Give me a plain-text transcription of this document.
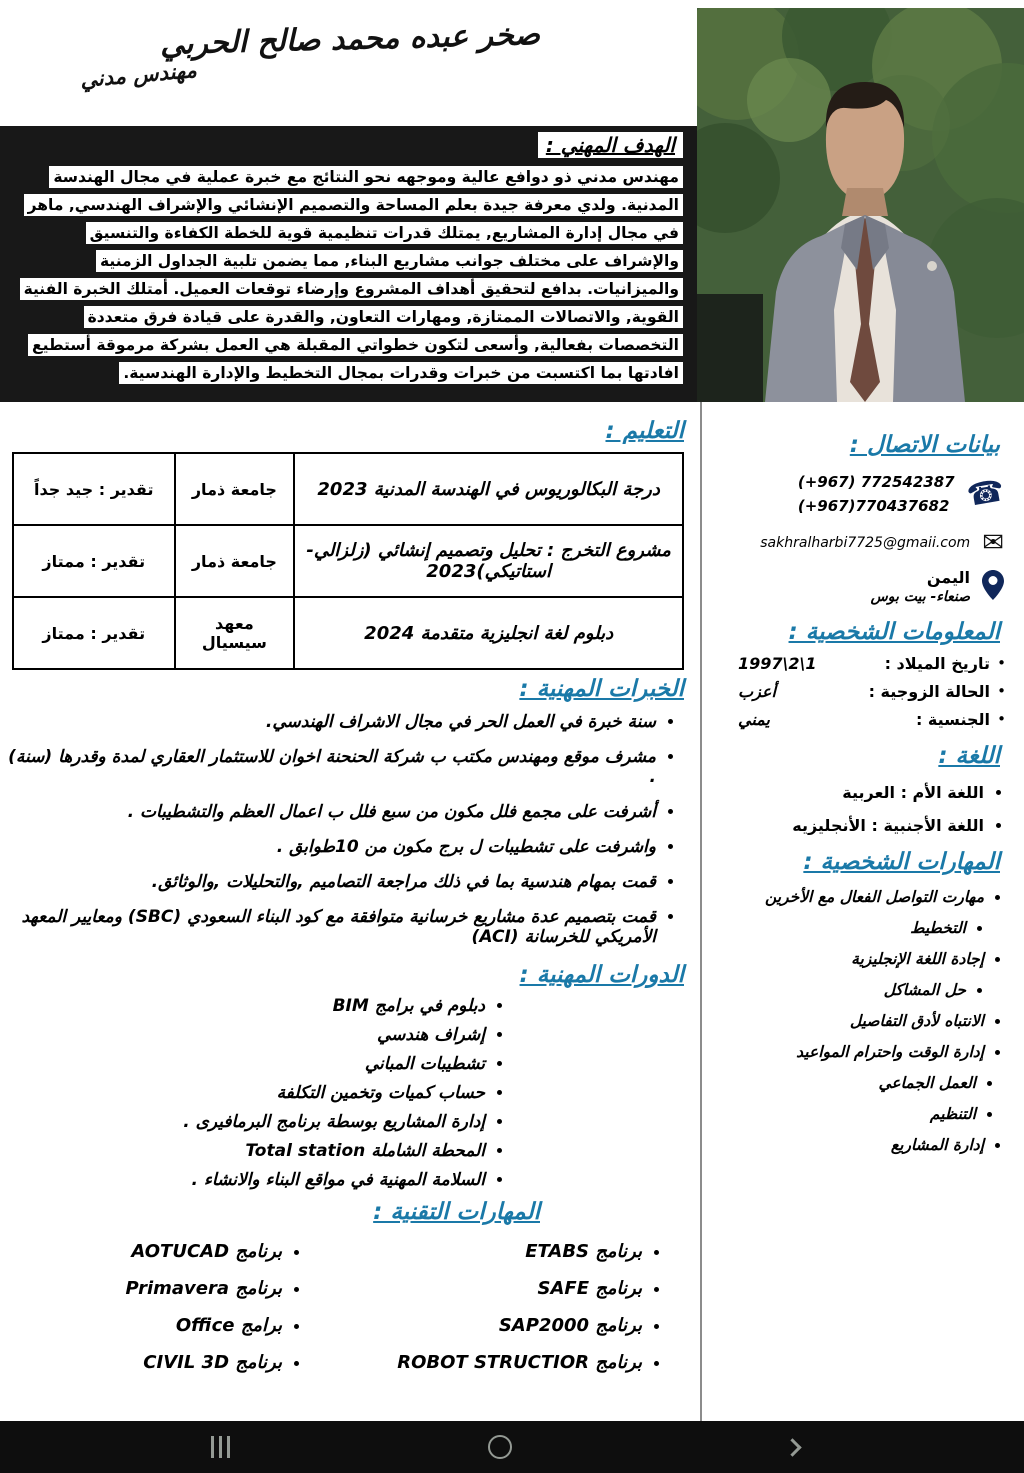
صخر عبده محمد صالح الحربي
مهندس مدني
الهدف المهني :

مهندس مدني ذو دوافع عالية وموجهه نحو النتائج مع خبرة عملية في مجال الهندسة المدنية. ولدي معرفة جيدة بعلم المساحة والتصميم الإنشائي والإشراف الهندسي, ماهر في مجال إدارة المشاريع, يمتلك قدرات تنظيمية قوية للخطة الكفاءة والتنسيق والإشراف على مختلف جوانب مشاريع البناء, مما يضمن تلبية الجداول الزمنية والميزانيات. بدافع لتحقيق أهداف المشروع وإرضاء توقعات العميل. أمتلك الخبرة الفنية القوية, والاتصالات الممتازة, ومهارات التعاون, والقدرة على قيادة فرق متعددة التخصصات بفعالية, وأسعى لتكون خطواتي المقبلة هي العمل بشركة مرموقة أستطيع افادتها بما اكتسبت من خبرات وقدرات بمجال التخطيط والإدارة الهندسية.

التعليم :
درجة البكالوريوس في الهندسة المدنية 2023	جامعة ذمار	تقدير : جيد جداً
مشروع التخرج : تحليل وتصميم إنشائي (زلزالي- استاتيكي)2023	جامعة ذمار	تقدير : ممتاز
دبلوم لغة انجليزية متقدمة 2024	معهد سيسيال	تقدير : ممتاز
الخبرات المهنية :
• سنة خبرة في العمل الحر في مجال الاشراف الهندسي.
• مشرف موقع ومهندس مكتب ب شركة الحنحنة اخوان للاستثمار العقاري لمدة وقدرها (سنة) .
• أشرفت على مجمع فلل مكون من سبع فلل ب اعمال العظم والتشطيبات .
• واشرفت على تشطيبات ل برج مكون من 10طوابق .
• قمت بمهام هندسية بما في ذلك مراجعة التصاميم ,والتحليلات ,والوثائق.
• قمت بتصميم عدة مشاريع خرسانية متوافقة مع كود البناء السعودي (SBC) ومعايير المعهد الأمريكي للخرسانة (ACI)
الدورات المهنية :
• دبلوم في برامج BIM
• إشراف هندسي
• تشطيبات المباني
• حساب كميات وتخمين التكلفة
• إدارة المشاريع بوسطة برنامج البرمافيرى .
• المحطة الشاملة Total station
• السلامة المهنية في مواقع البناء والانشاء .
المهارات التقنية :
• برنامج ETABS
• برنامج SAFE
• برنامج SAP2000
• برنامج ROBOT STRUCTIOR
• برنامج AOTUCAD
• برنامج Primavera
• برامج Office
• برنامج CIVIL 3D
بيانات الاتصال :
☎
(+967) 772542387
(+967)770437682
✉
sakhralharbi7725@gmaii.com
اليمن
صنعاء- بيت بوس
المعلومات الشخصية :
• تاريخ الميلاد :
1\2\1997
• الحالة الزوجية :
أعزب
• الجنسية :
يمني
اللغة :
• اللغة الأم : العربية
• اللغة الأجنبية : الأنجليزيه
المهارات الشخصية :
• مهارت التواصل الفعال مع الأخرين
• التخطيط
• إجادة اللغة الإنجليزية
• حل المشاكل
• الانتباه لأدق التفاصيل
• إدارة الوقت واحترام المواعيد
• العمل الجماعي
• التنظيم
• إدارة المشاريع
